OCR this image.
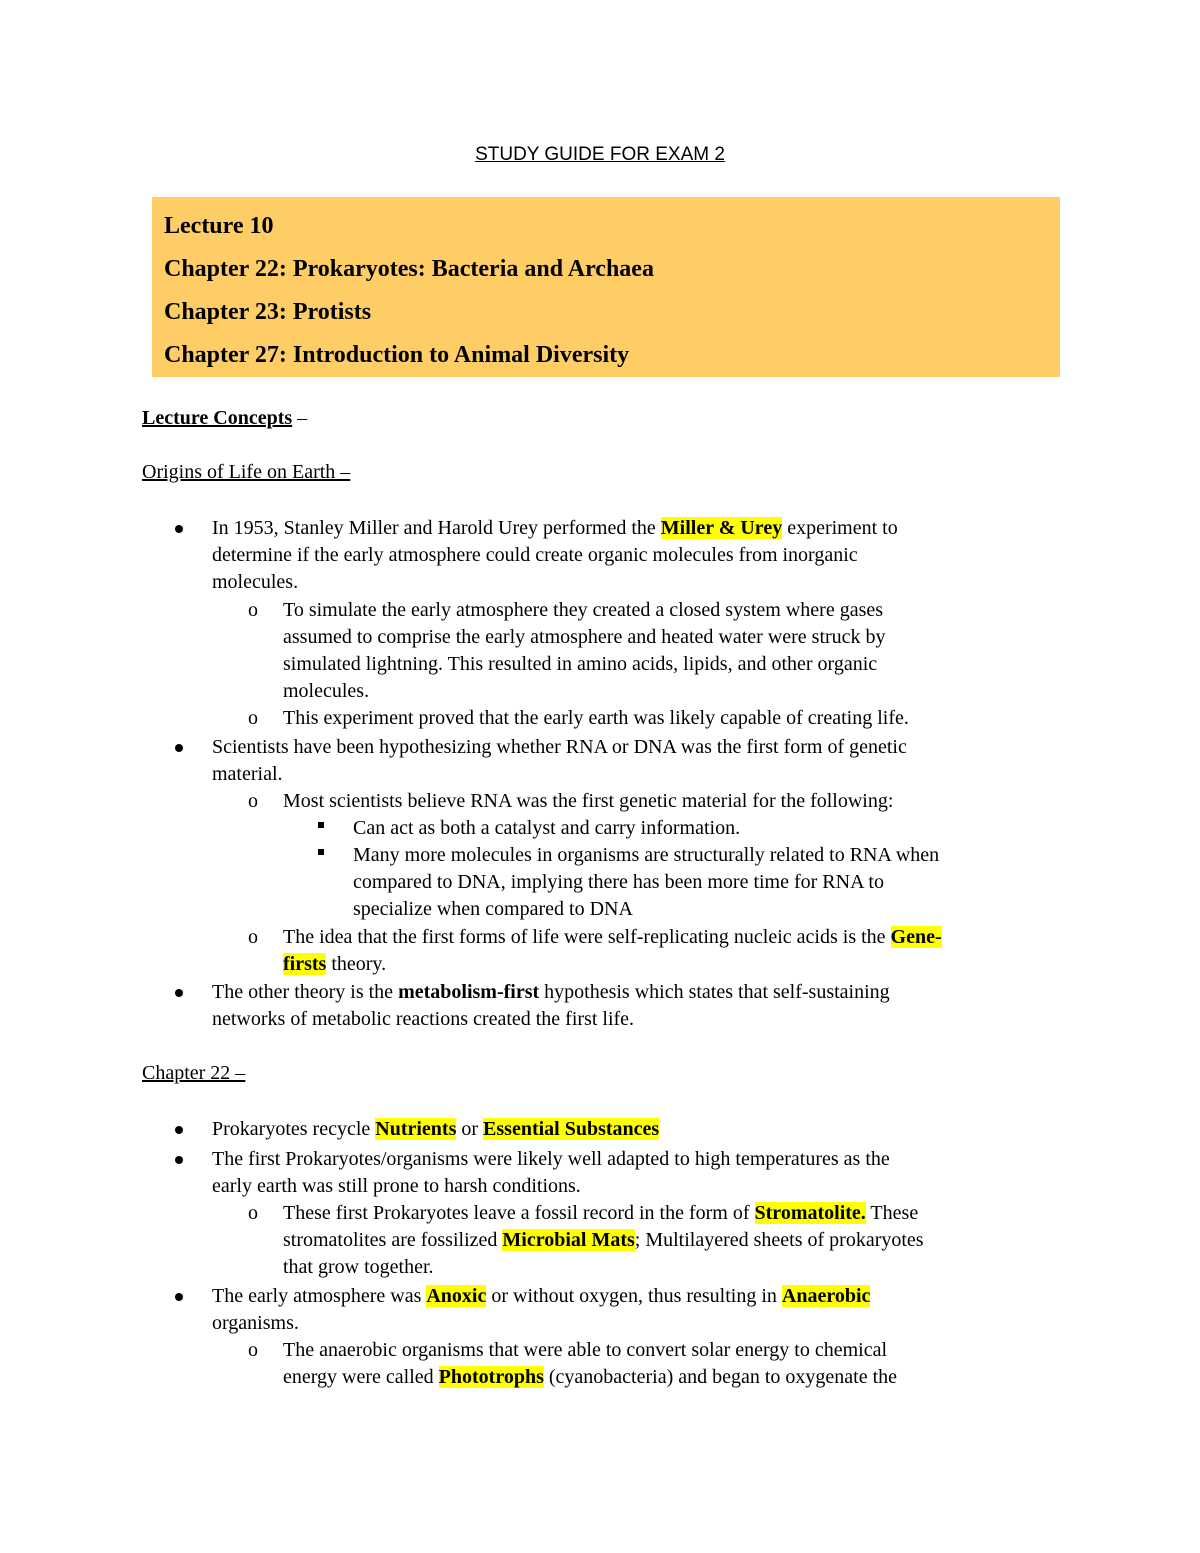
STUDY GUIDE FOR EXAM 2
Lecture 10
Chapter 22: Prokaryotes: Bacteria and Archaea
Chapter 23: Protists
Chapter 27: Introduction to Animal Diversity
Lecture Concepts –
Origins of Life on Earth –
In 1953, Stanley Miller and Harold Urey performed the Miller & Urey experiment to
determine if the early atmosphere could create organic molecules from inorganic
molecules.
o To simulate the early atmosphere they created a closed system where gases
assumed to comprise the early atmosphere and heated water were struck by
simulated lightning. This resulted in amino acids, lipids, and other organic
molecules.
o This experiment proved that the early earth was likely capable of creating life.
Scientists have been hypothesizing whether RNA or DNA was the first form of genetic
material.
o Most scientists believe RNA was the first genetic material for the following:
Can act as both a catalyst and carry information.
Many more molecules in organisms are structurally related to RNA when
compared to DNA, implying there has been more time for RNA to
specialize when compared to DNA
o The idea that the first forms of life were self-replicating nucleic acids is the Gene-
firsts theory.
The other theory is the metabolism-first hypothesis which states that self-sustaining
networks of metabolic reactions created the first life.
Chapter 22 –
Prokaryotes recycle Nutrients or Essential Substances
The first Prokaryotes/organisms were likely well adapted to high temperatures as the
early earth was still prone to harsh conditions.
o These first Prokaryotes leave a fossil record in the form of Stromatolite. These
stromatolites are fossilized Microbial Mats; Multilayered sheets of prokaryotes
that grow together.
The early atmosphere was Anoxic or without oxygen, thus resulting in Anaerobic
organisms.
o The anaerobic organisms that were able to convert solar energy to chemical
energy were called Phototrophs (cyanobacteria) and began to oxygenate the
